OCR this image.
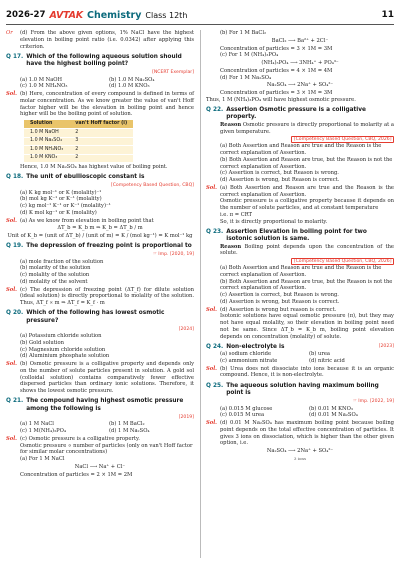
2026-27 AVTAK Chemistry Class 12th	11
Or	(d) From the above given options, 1% NaCl have the highest elevation in boiling point ratio (i.e. 0.0342) after applying this criterion.
Q 17. Which of the following aqueous solution should have the highest boiling point?
[NCERT Exemplar]
(a) 1.0 M NaOH	(b) 1.0 M Na₂SO₄
(c) 1.0 M NH₄NO₃	(d) 1.0 M KNO₃
Sol. (b) Here, concentration of every compound is defined in terms of molar concentration. As we know greater the value of van't Hoff factor higher will be the elevation in boiling point and hence higher will be the boiling point of solution.
Solution	van't Hoff factor (i)
1.0 M NaOH	2
1.0 M Na₂SO₄	3
1.0 M NH₄NO₃	2
1.0 M KNO₃	2
Hence, 1.0 M Na₂SO₄ has highest value of boiling point.
Q 18. The unit of ebullioscopic constant is
[Competency Based Question, CBQ]
(a) K kg mol⁻¹ or K (molality)⁻¹
(b) mol kg K⁻¹ or K⁻¹ (molality)
(c) kg mol⁻¹ K⁻¹ or K⁻¹ (molality)⁻¹
(d) K mol kg⁻¹ or K (molality)
Sol. (a) As we know from elevation in boiling point that
ΔT_b = K_b m ⇒ K_b = ΔT_b / m
Unit of K_b = (unit of ΔT_b) / (unit of m) = K / (mol kg⁻¹) = K mol⁻¹ kg
Q 19. The depression of freezing point is proportional to
☞ Imp. [2020, 19]
(a) mole fraction of the solution
(b) molarity of the solution
(c) molality of the solution
(d) molality of the solvent
Sol. (c) The depression of freezing point (ΔT_f) for dilute solution (ideal solution) is directly proportional to molality of the solution. Thus, ΔT_f ∝ m ⇒ ΔT_f = K_f · m
Q 20. Which of the following has lowest osmotic pressure?
[2024]
(a) Potassium chloride solution
(b) Gold solution
(c) Magnesium chloride solution
(d) Aluminium phosphate solution
Sol. (b) Osmotic pressure is a colligative property and depends only on the number of solute particles present in solution. A gold sol (colloidal solution) contains comparatively fewer effective dispersed particles than ordinary ionic solutions. Therefore, it shows the lowest osmotic pressure.
Q 21. The compound having highest osmotic pressure among the following is
[2019]
(a) 1 M NaCl	(b) 1 M BaCl₂
(c) 1 M(NH₄)₃PO₄	(d) 1 M Na₂SO₄
Sol. (c) Osmotic pressure is a colligative property.
Osmotic pressure ∝ number of particles (only on van't Hoff factor for similar molar concentrations)
(a) For 1 M NaCl
NaCl ⟶ Na⁺ + Cl⁻
Concentration of particles = 2 × 1M = 2M
(b) For 1 M BaCl₂
BaCl₂ ⟶ Ba²⁺ + 2Cl⁻
Concentration of particles = 3 × 1M = 3M
(c) For 1 M (NH₄)₃PO₄
(NH₄)₃PO₄ ⟶ 3NH₄⁺ + PO₄³⁻
Concentration of particles = 4 × 1M = 4M
(d) For 1 M Na₂SO₄
Na₂SO₄ ⟶ 2Na⁺ + SO₄²⁻
Concentration of particles = 3 × 1M = 3M
Thus, 1 M (NH₄)₃PO₄ will have highest osmotic pressure.
Q 22. Assertion Osmotic pressure is a colligative property.
Reason Osmotic pressure is directly proportional to molarity at a given temperature.
[Competency Based Question, CBQ, 2026]
(a) Both Assertion and Reason are true and the Reason is the correct explanation of Assertion.
(b) Both Assertion and Reason are true, but the Reason is not the correct explanation of Assertion.
(c) Assertion is correct, but Reason is wrong.
(d) Assertion is wrong, but Reason is correct.
Sol. (a) Both Assertion and Reason are true and the Reason is the correct explanation of Assertion.
Osmotic pressure is a colligative property because it depends on the number of solute particles, and at constant temperature
i.e. π = CRT
So, it is directly proportional to molarity.
Q 23. Assertion Elevation in boiling point for two isotonic solution is same.
Reason Boiling point depends upon the concentration of the solute.
[Competency Based Question, CBQ, 2026]
(a) Both Assertion and Reason are true and the Reason is the correct explanation of Assertion.
(b) Both Assertion and Reason are true, but the Reason is not the correct explanation of Assertion.
(c) Assertion is correct, but Reason is wrong.
(d) Assertion is wrong, but Reason is correct.
Sol. (d) Assertion is wrong but reason is correct.
Isotonic solutions have equal osmotic pressure (π), but they may not have equal molality, so their elevation in boiling point need not be same. Since ΔT_b = K_b m, boiling point elevation depends on concentration (molality) of solute.
Q 24. Non-electrolyte is	[2023]
(a) sodium chloride	(b) urea
(c) ammonium nitrate	(d) nitric acid
Sol. (b) Urea does not dissociate into ions because it is an organic compound. Hence, it is non-electrolyte.
Q 25. The aqueous solution having maximum boiling point is
☞ Imp. [2022, 19]
(a) 0.015 M glucose	(b) 0.01 M KNO₃
(c) 0.015 M urea	(d) 0.01 M Na₂SO₄
Sol. (d) 0.01 M Na₂SO₄ has maximum boiling point because boiling point depends on the total effective concentration of particles. It gives 3 ions on dissociation, which is higher than the other given option, i.e.
Na₂SO₄ ⟶ 2Na⁺ + SO₄²⁻
3 ions
